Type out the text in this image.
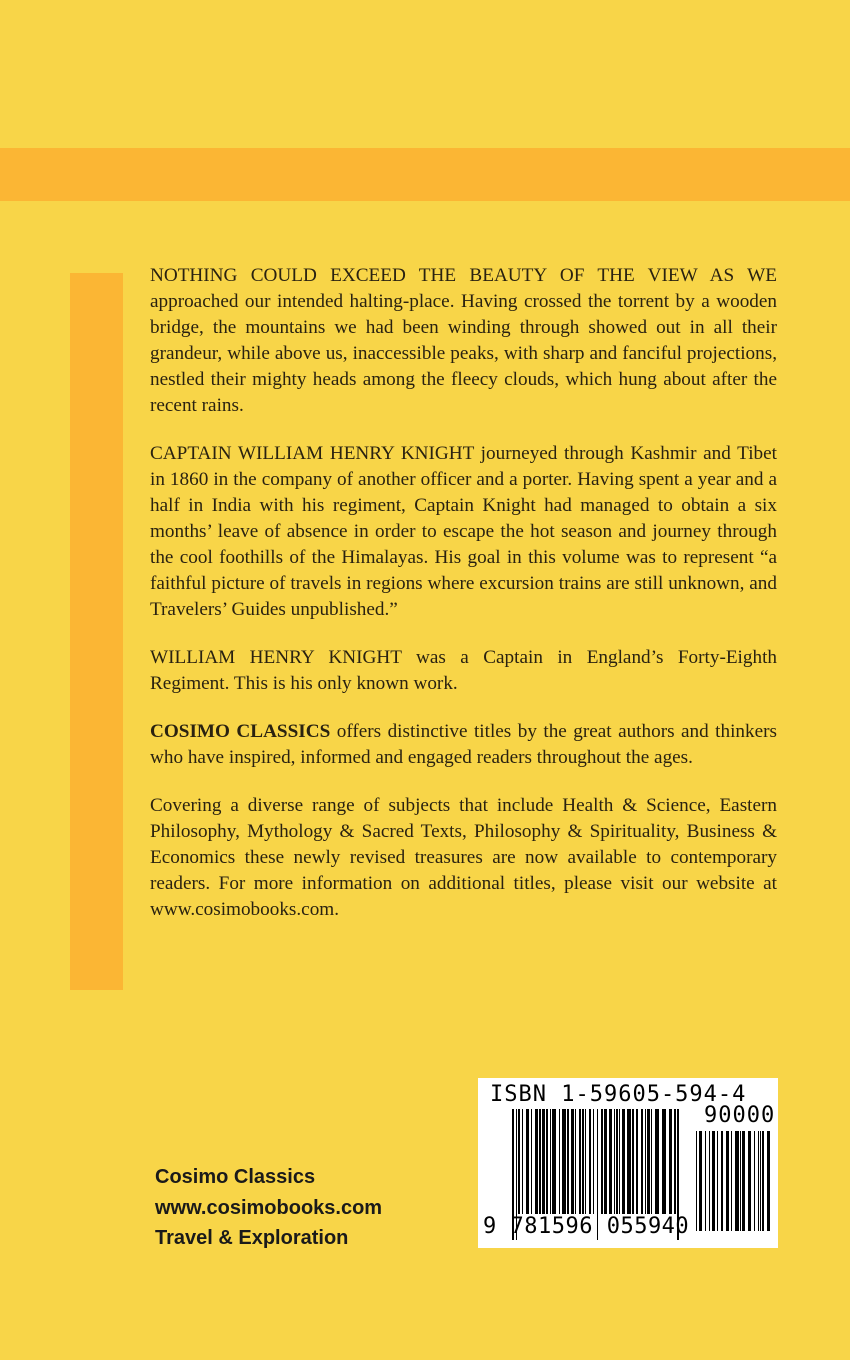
NOTHING COULD EXCEED THE BEAUTY OF THE VIEW AS WE approached our intended halting-place. Having crossed the torrent by a wooden bridge, the mountains we had been winding through showed out in all their grandeur, while above us, inaccessible peaks, with sharp and fanciful projections, nestled their mighty heads among the fleecy clouds, which hung about after the recent rains.

CAPTAIN WILLIAM HENRY KNIGHT journeyed through Kashmir and Tibet in 1860 in the company of another officer and a porter. Having spent a year and a half in India with his regiment, Captain Knight had managed to obtain a six months’ leave of absence in order to escape the hot season and journey through the cool foothills of the Himalayas. His goal in this volume was to represent “a faithful picture of travels in regions where excursion trains are still unknown, and Travelers’ Guides unpublished.”

WILLIAM HENRY KNIGHT was a Captain in England’s Forty-Eighth Regiment. This is his only known work.

COSIMO CLASSICS offers distinctive titles by the great authors and thinkers who have inspired, informed and engaged readers throughout the ages.

Covering a diverse range of subjects that include Health & Science, Eastern Philosophy, Mythology & Sacred Texts, Philosophy & Spirituality, Business & Economics these newly revised treasures are now available to contemporary readers. For more information on additional titles, please visit our website at www.cosimobooks.com.

Cosimo Classics
www.cosimobooks.com
Travel & Exploration
ISBN 1-59605-594-4
90000
9 781596 055940
